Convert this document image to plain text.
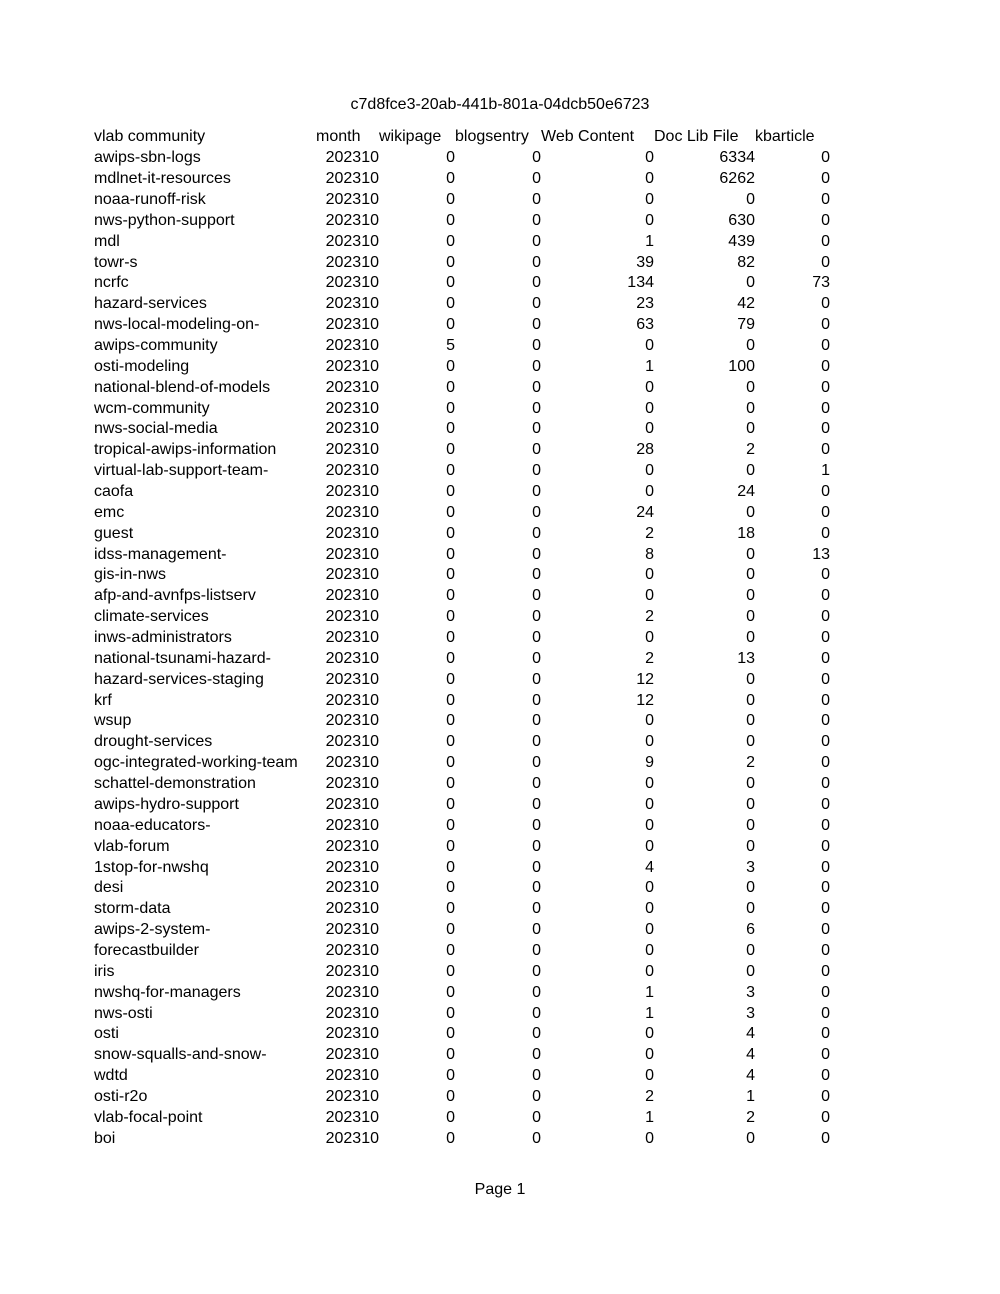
c7d8fce3-20ab-441b-801a-04dcb50e6723
vlab community	month	wikipage	blogsentry	Web Content	Doc Lib File	kbarticle
awips-sbn-logs	202310	0	0	0	6334	0
mdlnet-it-resources	202310	0	0	0	6262	0
noaa-runoff-risk	202310	0	0	0	0	0
nws-python-support	202310	0	0	0	630	0
mdl	202310	0	0	1	439	0
towr-s	202310	0	0	39	82	0
ncrfc	202310	0	0	134	0	73
hazard-services	202310	0	0	23	42	0
nws-local-modeling-on-	202310	0	0	63	79	0
awips-community	202310	5	0	0	0	0
osti-modeling	202310	0	0	1	100	0
national-blend-of-models	202310	0	0	0	0	0
wcm-community	202310	0	0	0	0	0
nws-social-media	202310	0	0	0	0	0
tropical-awips-information	202310	0	0	28	2	0
virtual-lab-support-team-	202310	0	0	0	0	1
caofa	202310	0	0	0	24	0
emc	202310	0	0	24	0	0
guest	202310	0	0	2	18	0
idss-management-	202310	0	0	8	0	13
gis-in-nws	202310	0	0	0	0	0
afp-and-avnfps-listserv	202310	0	0	0	0	0
climate-services	202310	0	0	2	0	0
inws-administrators	202310	0	0	0	0	0
national-tsunami-hazard-	202310	0	0	2	13	0
hazard-services-staging	202310	0	0	12	0	0
krf	202310	0	0	12	0	0
wsup	202310	0	0	0	0	0
drought-services	202310	0	0	0	0	0
ogc-integrated-working-team	202310	0	0	9	2	0
schattel-demonstration	202310	0	0	0	0	0
awips-hydro-support	202310	0	0	0	0	0
noaa-educators-	202310	0	0	0	0	0
vlab-forum	202310	0	0	0	0	0
1stop-for-nwshq	202310	0	0	4	3	0
desi	202310	0	0	0	0	0
storm-data	202310	0	0	0	0	0
awips-2-system-	202310	0	0	0	6	0
forecastbuilder	202310	0	0	0	0	0
iris	202310	0	0	0	0	0
nwshq-for-managers	202310	0	0	1	3	0
nws-osti	202310	0	0	1	3	0
osti	202310	0	0	0	4	0
snow-squalls-and-snow-	202310	0	0	0	4	0
wdtd	202310	0	0	0	4	0
osti-r2o	202310	0	0	2	1	0
vlab-focal-point	202310	0	0	1	2	0
boi	202310	0	0	0	0	0
Page 1
